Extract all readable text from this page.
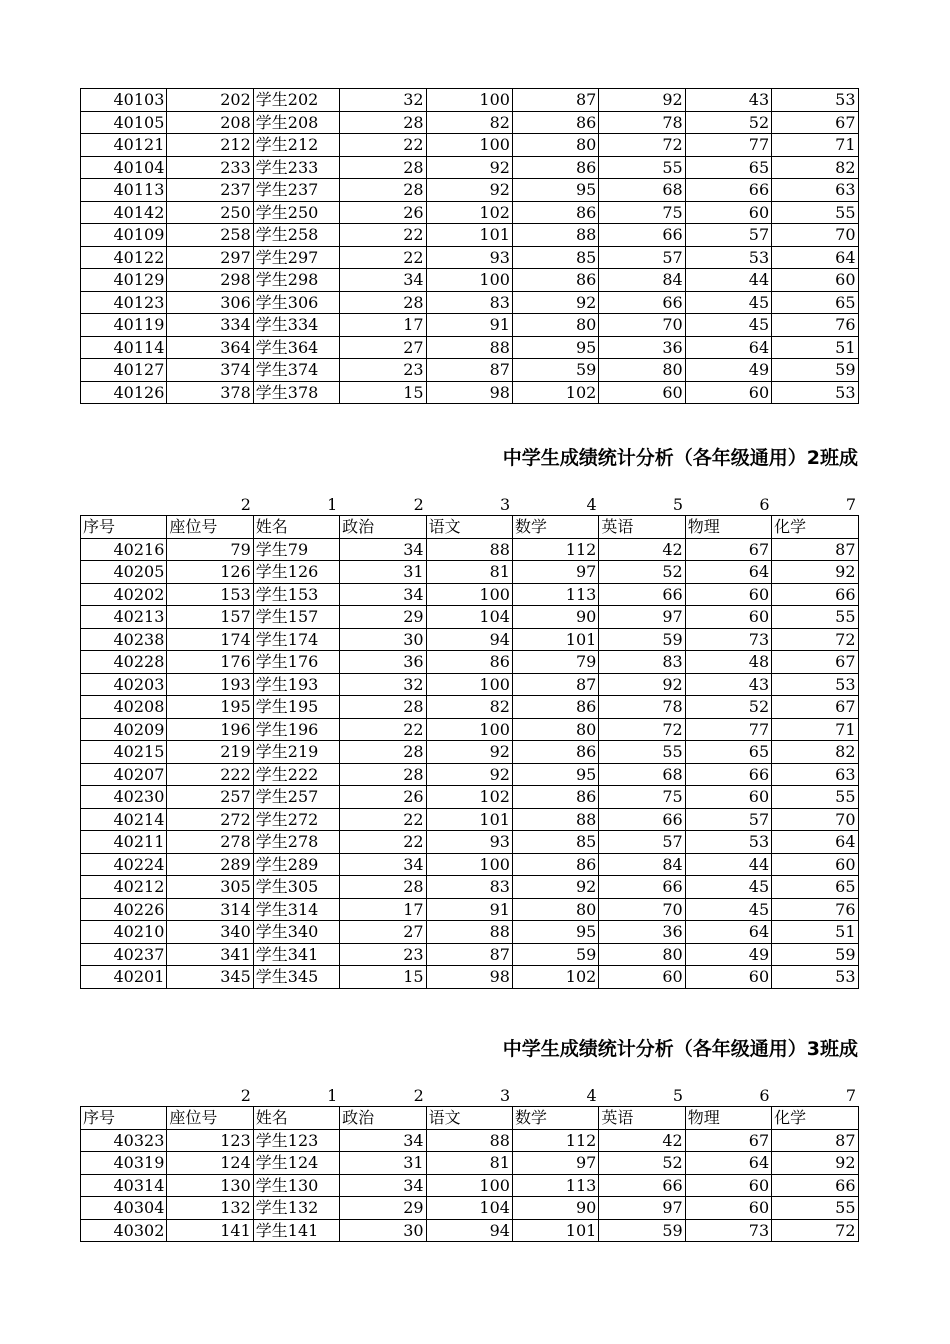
40103	202	学生202	32	100	87	92	43	53
40105	208	学生208	28	82	86	78	52	67
40121	212	学生212	22	100	80	72	77	71
40104	233	学生233	28	92	86	55	65	82
40113	237	学生237	28	92	95	68	66	63
40142	250	学生250	26	102	86	75	60	55
40109	258	学生258	22	101	88	66	57	70
40122	297	学生297	22	93	85	57	53	64
40129	298	学生298	34	100	86	84	44	60
40123	306	学生306	28	83	92	66	45	65
40119	334	学生334	17	91	80	70	45	76
40114	364	学生364	27	88	95	36	64	51
40127	374	学生374	23	87	59	80	49	59
40126	378	学生378	15	98	102	60	60	53
中学生成绩统计分析（各年级通用）2班成
	2	1	2	3	4	5	6	7
序号	座位号	姓名	政治	语文	数学	英语	物理	化学
40216	79	学生79	34	88	112	42	67	87
40205	126	学生126	31	81	97	52	64	92
40202	153	学生153	34	100	113	66	60	66
40213	157	学生157	29	104	90	97	60	55
40238	174	学生174	30	94	101	59	73	72
40228	176	学生176	36	86	79	83	48	67
40203	193	学生193	32	100	87	92	43	53
40208	195	学生195	28	82	86	78	52	67
40209	196	学生196	22	100	80	72	77	71
40215	219	学生219	28	92	86	55	65	82
40207	222	学生222	28	92	95	68	66	63
40230	257	学生257	26	102	86	75	60	55
40214	272	学生272	22	101	88	66	57	70
40211	278	学生278	22	93	85	57	53	64
40224	289	学生289	34	100	86	84	44	60
40212	305	学生305	28	83	92	66	45	65
40226	314	学生314	17	91	80	70	45	76
40210	340	学生340	27	88	95	36	64	51
40237	341	学生341	23	87	59	80	49	59
40201	345	学生345	15	98	102	60	60	53
中学生成绩统计分析（各年级通用）3班成
	2	1	2	3	4	5	6	7
序号	座位号	姓名	政治	语文	数学	英语	物理	化学
40323	123	学生123	34	88	112	42	67	87
40319	124	学生124	31	81	97	52	64	92
40314	130	学生130	34	100	113	66	60	66
40304	132	学生132	29	104	90	97	60	55
40302	141	学生141	30	94	101	59	73	72
